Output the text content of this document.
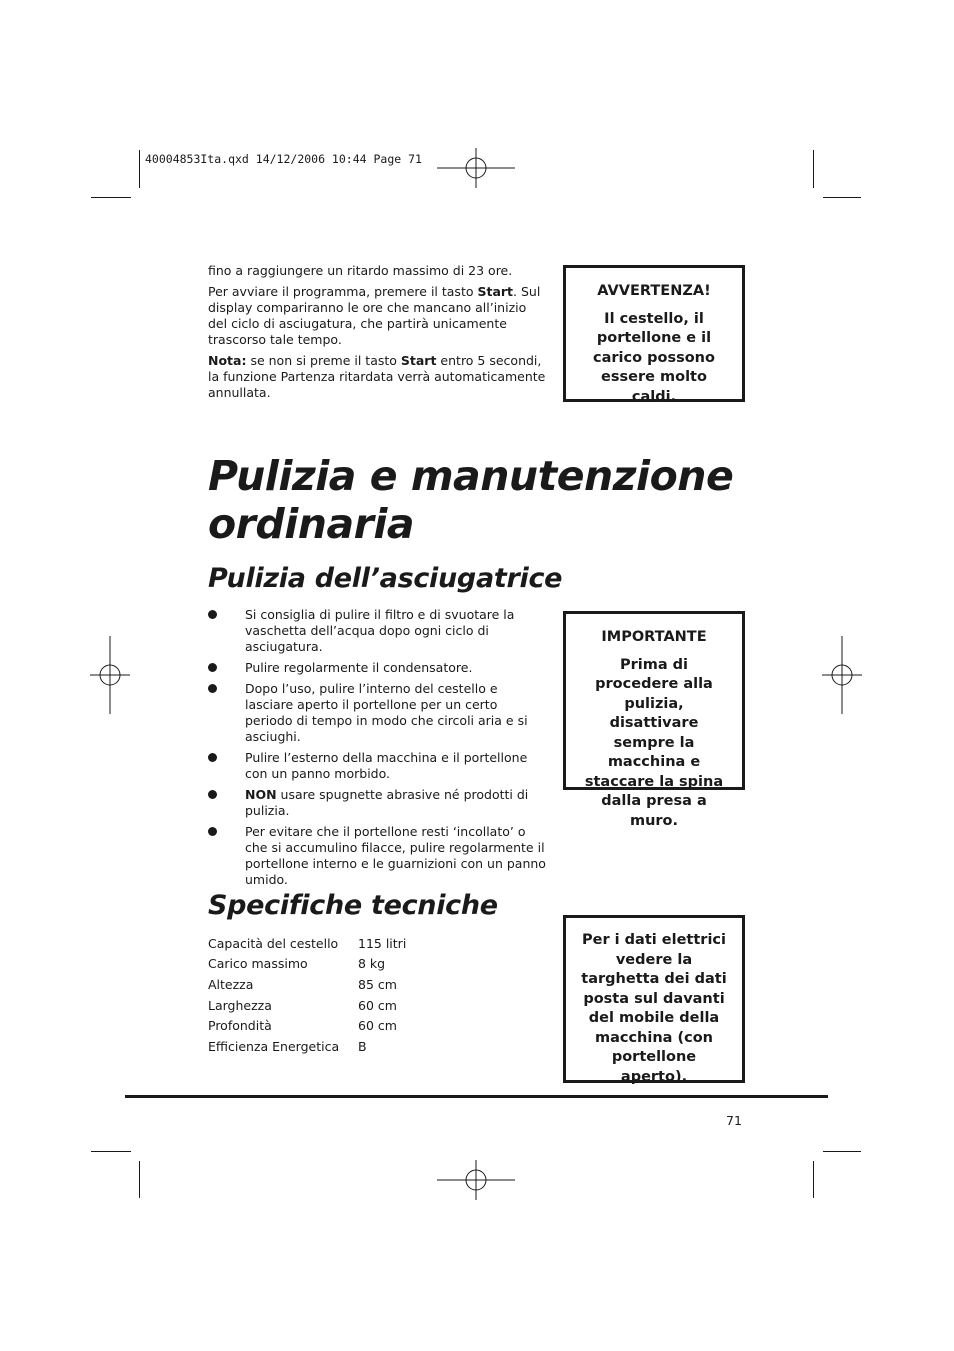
40004853Ita.qxd 14/12/2006 10:44 Page 71

fino a raggiungere un ritardo massimo di 23 ore.

Per avviare il programma, premere il tasto Start. Sul display compariranno le ore che mancano all’inizio del ciclo di asciugatura, che partirà unicamente trascorso tale tempo.

Nota: se non si preme il tasto Start entro 5 secondi, la funzione Partenza ritardata verrà automaticamente annullata.

AVVERTENZA!
Il cestello, il portellone e il carico possono essere molto caldi.
Pulizia e manutenzione ordinaria
Pulizia dell’asciugatrice
Si consiglia di pulire il filtro e di svuotare la vaschetta dell’acqua dopo ogni ciclo di asciugatura.
Pulire regolarmente il condensatore.
Dopo l’uso, pulire l’interno del cestello e lasciare aperto il portellone per un certo periodo di tempo in modo che circoli aria e si asciughi.
Pulire l’esterno della macchina e il portellone con un panno morbido.
NON usare spugnette abrasive né prodotti di pulizia.
Per evitare che il portellone resti ‘incollato’ o che si accumulino filacce, pulire regolarmente il portellone interno e le guarnizioni con un panno umido.
IMPORTANTE
Prima di procedere alla pulizia, disattivare sempre la macchina e staccare la spina dalla presa a muro.
Specifiche tecniche
Capacità del cestello	115 litri
Carico massimo	8 kg
Altezza	85 cm
Larghezza	60 cm
Profondità	60 cm
Efficienza Energetica	B
Per i dati elettrici vedere la targhetta dei dati posta sul davanti del mobile della macchina (con portellone aperto).
71
